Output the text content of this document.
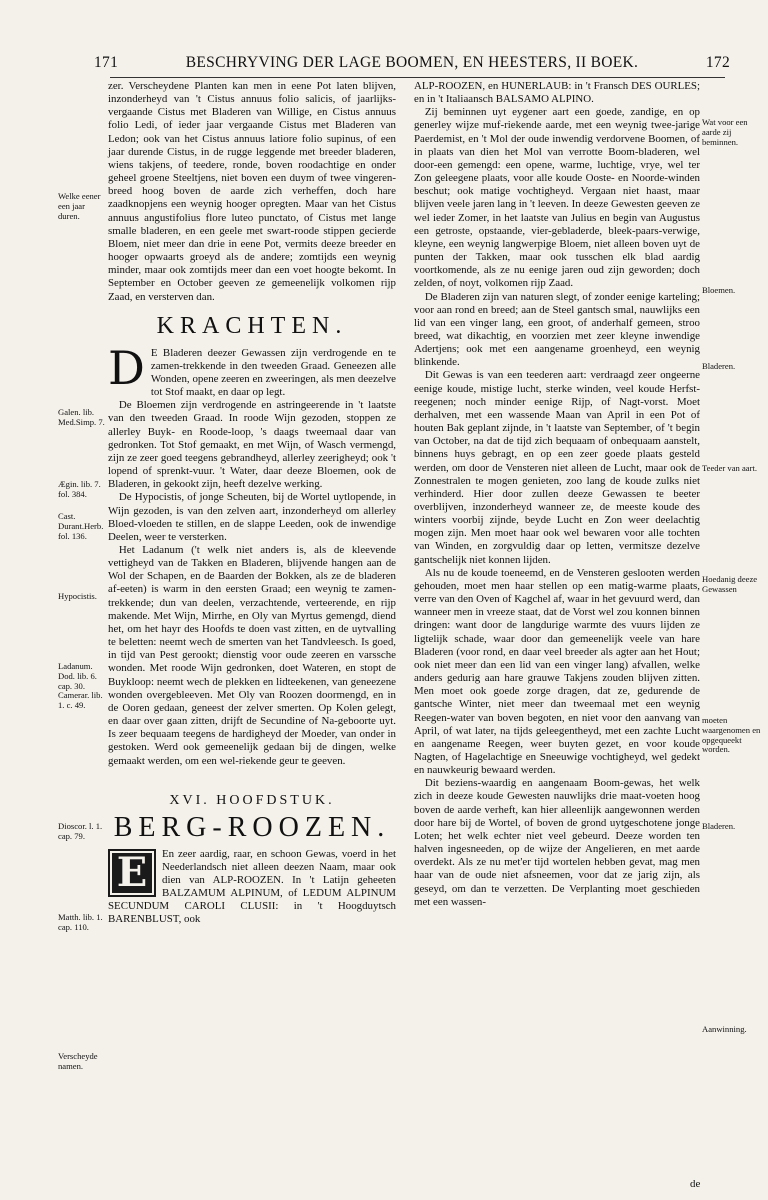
171	BESCHRYVING DER LAGE BOOMEN, EN HEESTERS, II BOEK.	172

zer. Verscheydene Planten kan men in eene Pot laten blijven, inzonderheyd van 't Cistus annuus folio salicis, of jaarlijks-vergaande Cistus met Bladeren van Willige, en Cistus annuus folio Ledi, of ieder jaar vergaande Cistus met Bladeren van Ledon; ook van het Cistus annuus latiore folio supinus, of een jaar durende Cistus, in de rugge leggende met breeder bladeren, wiens takjens, of teedere, ronde, boven roodachtige en onder geheel groene Steeltjens, niet boven een duym of twee vingeren-breed hoog boven de aarde zich verheffen, doch hare zaadknopjens een weynig hooger opregten. Maar van het Cistus annuus angustifolius flore luteo punctato, of Cistus met lange smalle bladeren, en een geele met swart-roode stippen gecierde Bloem, niet meer dan drie in eene Pot, vermits deeze breeder en hooger opwaarts groeyd als de andere; zomtijds een weynig minder, maar ook zomtijds meer dan een voet hoogte bekomt. In September en October geeven ze gemeenelijk volkomen rijp Zaad, en versterven dan.

KRACHTEN.

D E Bladeren deezer Gewassen zijn verdrogende en te zamen-trekkende in den tweeden Graad. Geneezen alle Wonden, opene zeeren en zweeringen, als men deezelve tot Stof maakt, en daar op legt.

De Bloemen zijn verdrogende en astringeerende in 't laatste van den tweeden Graad. In roode Wijn gezoden, stoppen ze allerley Buyk- en Roode-loop, 's daags tweemaal daar van gedronken. Tot Stof gemaakt, en met Wijn, of Wasch vermengd, zijn ze zeer goed teegens gebrandheyd, allerley zeerigheyd; ook 't lopend of sprenkt-vuur. 't Water, daar deeze Bloemen, ook de Bladeren, in gekookt zijn, heeft dezelve werking.

De Hypocistis, of jonge Scheuten, bij de Wortel uytlopende, in Wijn gezoden, is van den zelven aart, inzonderheyd om allerley Bloed-vloeden te stillen, en de slappe Leeden, ook de inwendige Deelen, weer te versterken.

Het Ladanum ('t welk niet anders is, als de kleevende vettigheyd van de Takken en Bladeren, blijvende hangen aan de Wol der Schapen, en de Baarden der Bokken, als ze de bladeren af-eeten) is warm in den eersten Graad; een weynig te zamen-trekkende; dun van deelen, verzachtende, verteerende, en rijp makende. Met Wijn, Mirrhe, en Oly van Myrtus gemengd, diend het, om het hayr des Hoofds te doen vast zitten, en de uytvalling te beletten: neemt wech de smerten van het Tandvleesch. Is goed, in tijd van Pest gerookt; dienstig voor oude zeeren en varssche wonden. Met roode Wijn gedronken, doet Wateren, en stopt de Buykloop: neemt wech de plekken en lidteekenen, van geneezene wonden overgebleeven. Met Oly van Roozen doormengd, en in de Ooren gedaan, geneest der zelver smerten. Op Kolen gelegt, en daar over gaan zitten, drijft de Secundine of Na-geboorte uyt. Is zeer bequaam teegens de hardigheyd der Moeder, van onder in gestoken. Werd ook gemeenelijk gedaan bij de dingen, welke gemaakt werden, om een wel-riekende geur te geeven.

XVI. HOOFDSTUK.
BERG-ROOZEN.

E	En zeer aardig, raar, en schoon Gewas, voerd in het Neederlandsch niet alleen deezen Naam, maar ook dien van ALP-ROOZEN. In 't Latijn geheeten BALZAMUM ALPINUM, of LEDUM ALPINUM SECUNDUM CAROLI CLUSII: in 't Hoogduytsch BARENBLUST, ook

ALP-ROOZEN, en HUNERLAUB: in 't Fransch DES OURLES; en in 't Italiaansch BALSAMO ALPINO.

Zij beminnen uyt eygener aart een goede, zandige, en op generley wijze muf-riekende aarde, met een weynig twee-jarige Paerdemist, en 't Mol der oude inwendig verdorvene Boomen, of in plaats van dien het Mol van verrotte Boom-bladeren, wel door-een gemengd: een opene, warme, luchtige, vrye, wel ter Zon geleegene plaats, voor alle koude Ooste- en Noorde-winden beschut; ook matige vochtigheyd. Vergaan niet haast, maar blijven veele jaren lang in 't leeven. In deeze Gewesten geeven ze wel ieder Zomer, in het laatste van Julius en begin van Augustus een getroste, opstaande, vier-gebladerde, bleek-paars-verwige, kleyne, een weynig langwerpige Bloem, niet alleen boven uyt de punten der Takken, maar ook tusschen elk blad aardig voortkomende, als ze nu eenige jaren oud zijn geworden; doch zelden, of noyt, volkomen rijp Zaad.

De Bladeren zijn van naturen slegt, of zonder eenige karteling; voor aan rond en breed; aan de Steel gantsch smal, nauwlijks een lid van een vinger lang, een groot, of anderhalf gemeen, stroo breed, wat dikachtig, en voorzien met zeer kleyne inwendige Adertjens; ook met een aangename groenheyd, een weynig blinkende.

Dit Gewas is van een teederen aart: verdraagd zeer ongeerne eenige koude, mistige lucht, sterke winden, veel koude Herfst-reegenen; noch minder eenige Rijp, of Nagt-vorst. Moet derhalven, met een wassende Maan van April in een Pot of houten Bak geplant zijnde, in 't laatste van September, of 't begin van October, na dat de tijd zich bequaam of onbequaam aanstelt, binnens huys gebragt, en op een zeer goede plaats gesteld werden, om door de Vensteren niet alleen de Lucht, maar ook de Zonnestralen te mogen genieten, zoo lang de koude zulks niet verhinderd. Hier door zullen deeze Gewassen te beeter overblijven, inzonderheyd wanneer ze, de meeste koude des winters voorbij zijnde, beyde Lucht en Zon weer deelachtig mogen zijn. Men moet haar ook wel bewaren voor alle tochten van Winden, en zorgvuldig daar op letten, vermitsze dezelve gantschelijk niet konnen lijden.

Als nu de koude toeneemd, en de Vensteren geslooten werden gehouden, moet men haar stellen op een matig-warme plaats, verre van den Oven of Kagchel af, waar in het gevuurd werd, dan wanneer men in vreeze staat, dat de Vorst wel zou konnen binnen dringen: want door de langdurige warmte des vuurs lijden ze ligtelijk schade, waar door dan gemeenelijk veele van hare Bladeren (voor rond, en daar veel breeder als agter aan het Hout; ook niet meer dan een lid van een vinger lang) afvallen, welke anders gedurig aan hare grauwe Takjens zouden blijven zitten. Men moet ook goede zorge dragen, dat ze, gedurende de gantsche Winter, niet meer dan tweemaal met een weynig Reegen-water van boven begoten, en niet voor den aanvang van April, of wat later, na tijds geleegentheyd, met een zachte Lucht en aangename Reegen, weer buyten gezet, en voor koude Nagten, of Hagelachtige en Sneeuwige vochtigheyd, wel gedekt en nauwkeurig bewaard werden.

Dit beziens-waardig en aangenaam Boom-gewas, het welk zich in deeze koude Gewesten nauwlijks drie maat-voeten hoog boven de aarde verheft, kan hier alleenlijk aangewonnen werden door hare bij de Wortel, of boven de grond uytgeschotene jonge Loten; het welk echter niet veel gebeurd. Deeze worden ten halven ingesneeden, op de wijze der Angelieren, en met aarde overdekt. Als ze nu met'er tijd wortelen hebben gevat, mag men haar van de oude niet afsneemen, voor dat ze jarig zijn, als geseyd, om dan te verzetten. De Verplanting moet geschieden met een wassen-

Welke eener een jaar duren.
Galen. lib. Med.Simp. 7.
Ægin. lib. 7. fol. 384.
Cast. Durant.Herb. fol. 136.
Hypocistis.
Ladanum. Dod. lib. 6. cap. 30. Camerar. lib. 1. c. 49.
Dioscor. l. 1. cap. 79.
Matth. lib. 1. cap. 110.
Verscheyde namen.
Wat voor een aarde zij beminnen.
Bloemen.
Bladeren.
Teeder van aart.
Hoedanig deeze Gewassen
moeten waargenomen en opgequeekt worden.
Bladeren.
Aanwinning.
de
